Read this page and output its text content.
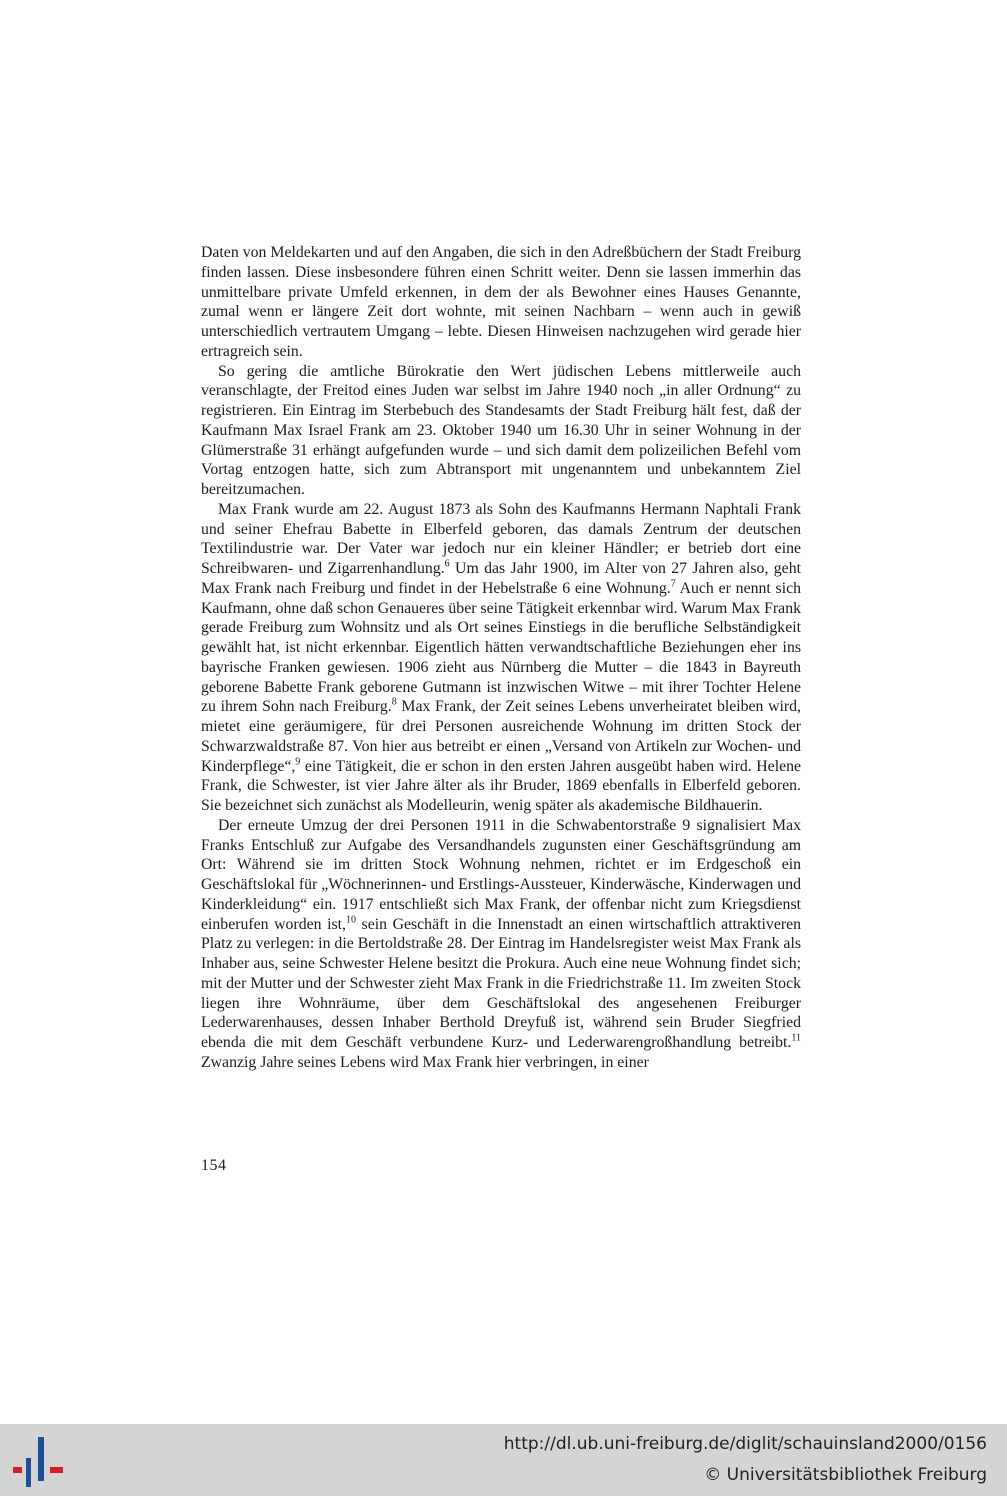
Daten von Meldekarten und auf den Angaben, die sich in den Adreßbüchern der Stadt Freiburg finden lassen. Diese insbesondere führen einen Schritt weiter. Denn sie lassen immerhin das unmittelbare private Umfeld erkennen, in dem der als Bewohner eines Hauses Genannte, zumal wenn er längere Zeit dort wohnte, mit seinen Nachbarn – wenn auch in gewiß unterschiedlich vertrautem Umgang – lebte. Diesen Hinweisen nachzugehen wird gerade hier ertragreich sein.

So gering die amtliche Bürokratie den Wert jüdischen Lebens mittlerweile auch veranschlagte, der Freitod eines Juden war selbst im Jahre 1940 noch „in aller Ordnung“ zu registrieren. Ein Eintrag im Sterbebuch des Standesamts der Stadt Freiburg hält fest, daß der Kaufmann Max Israel Frank am 23. Oktober 1940 um 16.30 Uhr in seiner Wohnung in der Glümerstraße 31 erhängt aufgefunden wurde – und sich damit dem polizeilichen Befehl vom Vortag entzogen hatte, sich zum Abtransport mit ungenanntem und unbekanntem Ziel bereitzumachen.

Max Frank wurde am 22. August 1873 als Sohn des Kaufmanns Hermann Naphtali Frank und seiner Ehefrau Babette in Elberfeld geboren, das damals Zentrum der deutschen Textilindustrie war. Der Vater war jedoch nur ein kleiner Händler; er betrieb dort eine Schreibwaren- und Zigarrenhandlung.$^6$ Um das Jahr 1900, im Alter von 27 Jahren also, geht Max Frank nach Freiburg und findet in der Hebelstraße 6 eine Wohnung.$^7$ Auch er nennt sich Kaufmann, ohne daß schon Genaueres über seine Tätigkeit erkennbar wird. Warum Max Frank gerade Freiburg zum Wohnsitz und als Ort seines Einstiegs in die berufliche Selbständigkeit gewählt hat, ist nicht erkennbar. Eigentlich hätten verwandtschaftliche Beziehungen eher ins bayrische Franken gewiesen. 1906 zieht aus Nürnberg die Mutter – die 1843 in Bayreuth geborene Babette Frank geborene Gutmann ist inzwischen Witwe – mit ihrer Tochter Helene zu ihrem Sohn nach Freiburg.$^8$ Max Frank, der Zeit seines Lebens unverheiratet bleiben wird, mietet eine geräumigere, für drei Personen ausreichende Wohnung im dritten Stock der Schwarzwaldstraße 87. Von hier aus betreibt er einen „Versand von Artikeln zur Wochen- und Kinderpflege“,$^9$ eine Tätigkeit, die er schon in den ersten Jahren ausgeübt haben wird. Helene Frank, die Schwester, ist vier Jahre älter als ihr Bruder, 1869 ebenfalls in Elberfeld geboren. Sie bezeichnet sich zunächst als Modelleurin, wenig später als akademische Bildhauerin.

Der erneute Umzug der drei Personen 1911 in die Schwabentorstraße 9 signalisiert Max Franks Entschluß zur Aufgabe des Versandhandels zugunsten einer Geschäftsgründung am Ort: Während sie im dritten Stock Wohnung nehmen, richtet er im Erdgeschoß ein Geschäftslokal für „Wöchnerinnen- und Erstlings-Aussteuer, Kinderwäsche, Kinderwagen und Kinderkleidung“ ein. 1917 entschließt sich Max Frank, der offenbar nicht zum Kriegsdienst einberufen worden ist,$^{10}$ sein Geschäft in die Innenstadt an einen wirtschaftlich attraktiveren Platz zu verlegen: in die Bertoldstraße 28. Der Eintrag im Handelsregister weist Max Frank als Inhaber aus, seine Schwester Helene besitzt die Prokura. Auch eine neue Wohnung findet sich; mit der Mutter und der Schwester zieht Max Frank in die Friedrichstraße 11. Im zweiten Stock liegen ihre Wohnräume, über dem Geschäftslokal des angesehenen Freiburger Lederwarenhauses, dessen Inhaber Berthold Dreyfuß ist, während sein Bruder Siegfried ebenda die mit dem Geschäft verbundene Kurz- und Lederwarengroßhandlung betreibt.$^{11}$ Zwanzig Jahre seines Lebens wird Max Frank hier verbringen, in einer

154
http://dl.ub.uni-freiburg.de/diglit/schauinsland2000/0156
© Universitätsbibliothek Freiburg
